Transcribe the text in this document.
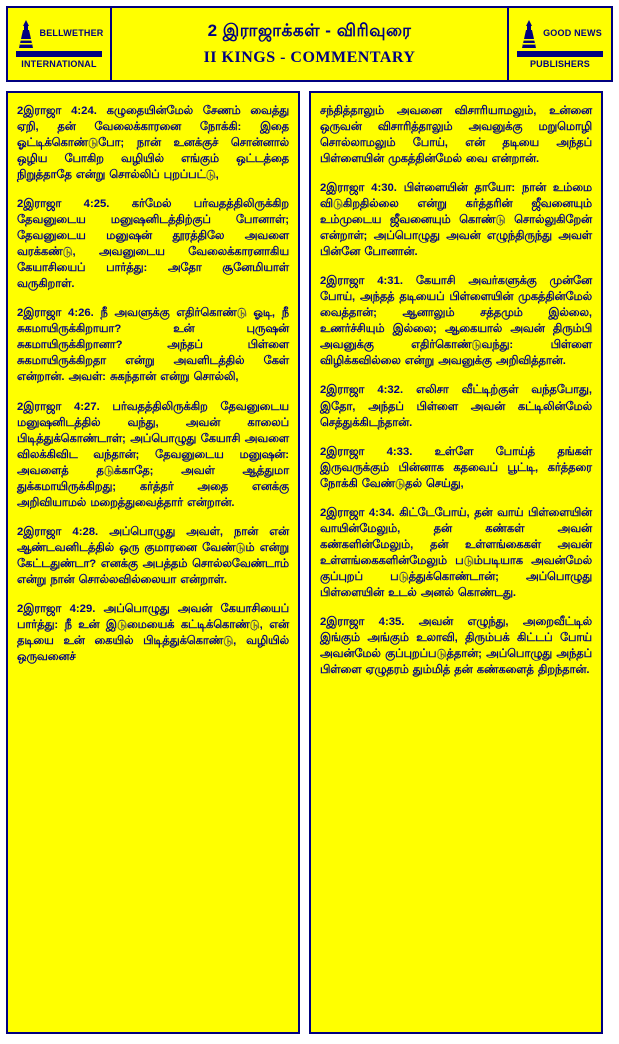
BELLWETHER
INTERNATIONAL
2 இராஜாக்கள் - விரிவுரை
II KINGS - COMMENTARY
GOOD NEWS
PUBLISHERS

2இராஜா 4:24. கழுதையின்மேல் சேணம் வைத்து ஏறி, தன் வேலைக்காரனை நோக்கி: இதை ஓட்டிக்கொண்டுபோ; நான் உனக்குச் சொன்னால் ஒழிய போகிற வழியில் எங்கும் ஒட்டத்தை நிறுத்தாதே என்று சொல்லிப் புறப்பட்டு,

2இராஜா 4:25. கர்மேல் பர்வதத்திலிருக்கிற தேவனுடைய மனுஷனிடத்திற்குப் போனாள்; தேவனுடைய மனுஷன் தூரத்திலே அவளை வரக்கண்டு, அவனுடைய வேலைக்காரனாகிய கேயாசியைப் பார்த்து: அதோ சூனேமியாள் வருகிறாள்.

2இராஜா 4:26. நீ அவளுக்கு எதிர்கொண்டு ஓடி, நீ சுகமாயிருக்கிறாயா? உன் புருஷன் சுகமாயிருக்கிறானா? அந்தப் பிள்ளை சுகமாயிருக்கிறதா என்று அவளிடத்தில் கேள் என்றான். அவள்: சுகந்தான் என்று சொல்லி,

2இராஜா 4:27. பர்வதத்திலிருக்கிற தேவனுடைய மனுஷனிடத்தில் வந்து, அவன் காலைப் பிடித்துக்கொண்டாள்; அப்பொழுது கேயாசி அவளை விலக்கிவிட வந்தான்; தேவனுடைய மனுஷன்: அவளைத் தடுக்காதே; அவள் ஆத்துமா துக்கமாயிருக்கிறது; கர்த்தர் அதை எனக்கு அறிவியாமல் மறைத்துவைத்தார் என்றான்.

2இராஜா 4:28. அப்பொழுது அவள், நான் என் ஆண்டவனிடத்தில் ஒரு குமாரனை வேண்டும் என்று கேட்டதுண்டா? எனக்கு அபத்தம் சொல்லவேண்டாம் என்று நான் சொல்லவில்லையா என்றாள்.

2இராஜா 4:29. அப்பொழுது அவன் கேயாசியைப் பார்த்து: நீ உன் இடுமையைக் கட்டிக்கொண்டு, என் தடியை உன் கையில் பிடித்துக்கொண்டு, வழியில் ஒருவனைச்

சந்தித்தாலும் அவனை விசாரியாமலும், உன்னை ஒருவன் விசாரித்தாலும் அவனுக்கு மறுமொழி சொல்லாமலும் போய், என் தடியை அந்தப் பிள்ளையின் முகத்தின்மேல் வை என்றான்.

2இராஜா 4:30. பிள்ளையின் தாயோ: நான் உம்மை விடுகிறதில்லை என்று கர்த்தரின் ஜீவனையும் உம்முடைய ஜீவனையும் கொண்டு சொல்லுகிறேன் என்றாள்; அப்பொழுது அவன் எழுந்திருந்து அவள் பின்னே போனான்.

2இராஜா 4:31. கேயாசி அவர்களுக்கு முன்னே போய், அந்தத் தடியைப் பிள்ளையின் முகத்தின்மேல் வைத்தான்; ஆனாலும் சத்தமும் இல்லை, உணர்ச்சியும் இல்லை; ஆகையால் அவன் திரும்பி அவனுக்கு எதிர்கொண்டுவந்து: பிள்ளை விழிக்கவில்லை என்று அவனுக்கு அறிவித்தான்.

2இராஜா 4:32. எலிசா வீட்டிற்குள் வந்தபோது, இதோ, அந்தப் பிள்ளை அவன் கட்டிலின்மேல் செத்துக்கிடந்தான்.

2இராஜா 4:33. உள்ளே போய்த் தங்கள் இருவருக்கும் பின்னாக கதவைப் பூட்டி, கர்த்தரை நோக்கி வேண்டுதல் செய்து,

2இராஜா 4:34. கிட்டேபோய், தன் வாய் பிள்ளையின் வாயின்மேலும், தன் கண்கள் அவன் கண்களின்மேலும், தன் உள்ளங்கைகள் அவன் உள்ளங்கைகளின்மேலும் படும்படியாக அவன்மேல் குப்புறப் படுத்துக்கொண்டான்; அப்பொழுது பிள்ளையின் உடல் அனல் கொண்டது.

2இராஜா 4:35. அவன் எழுந்து, அறைவீட்டில் இங்கும் அங்கும் உலாவி, திரும்பக் கிட்டப் போய் அவன்மேல் குப்புறப்படுத்தான்; அப்பொழுது அந்தப் பிள்ளை ஏழுதரம் தும்மித் தன் கண்களைத் திறந்தான்.
